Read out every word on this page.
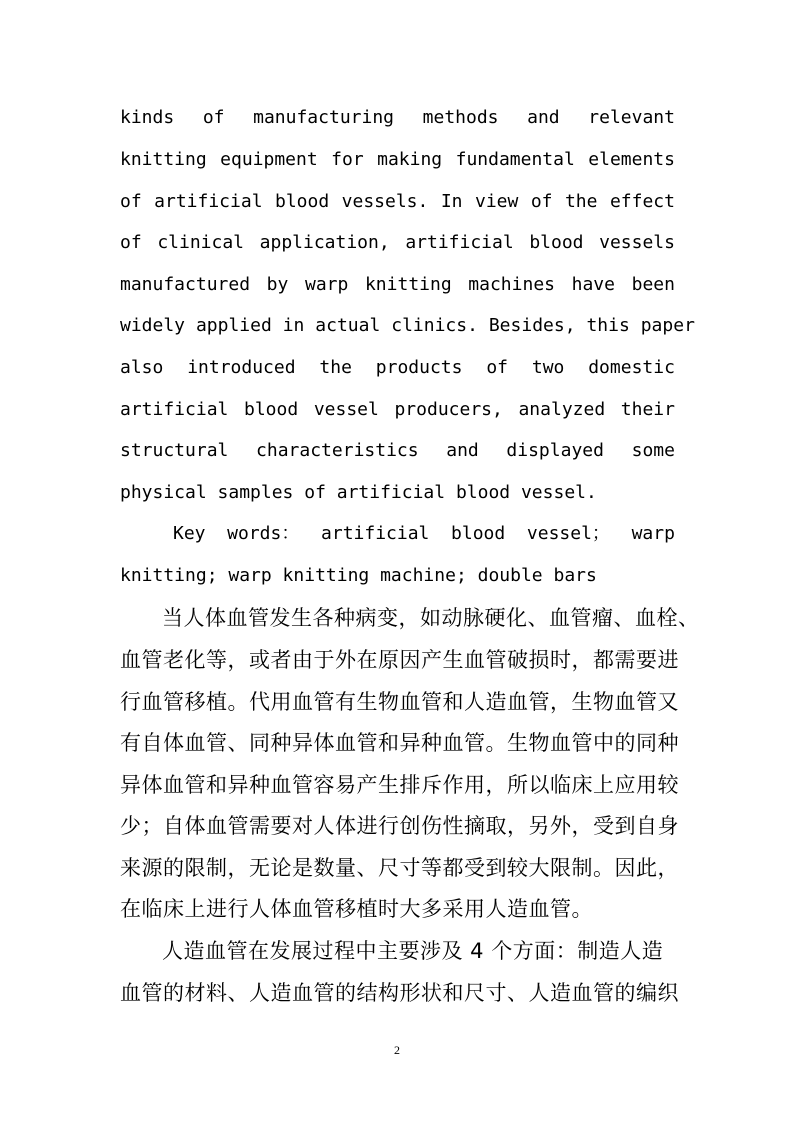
kinds of manufacturing methods and relevant
knitting equipment for making fundamental elements
of artificial blood vessels. In view of the effect
of clinical application, artificial blood vessels
manufactured by warp knitting machines have been
widely applied in actual clinics. Besides, this paper
also introduced the products of two domestic
artificial blood vessel producers, analyzed their
structural characteristics and displayed some
physical samples of artificial blood vessel.
Key words： artificial blood vessel； warp
knitting; warp knitting machine; double bars
当人体血管发生各种病变，如动脉硬化、血管瘤、血栓、
血管老化等，或者由于外在原因产生血管破损时，都需要进
行血管移植。代用血管有生物血管和人造血管，生物血管又
有自体血管、同种异体血管和异种血管。生物血管中的同种
异体血管和异种血管容易产生排斥作用，所以临床上应用较
少；自体血管需要对人体进行创伤性摘取，另外，受到自身
来源的限制，无论是数量、尺寸等都受到较大限制。因此，
在临床上进行人体血管移植时大多采用人造血管。
人造血管在发展过程中主要涉及 4 个方面：制造人造
血管的材料、人造血管的结构形状和尺寸、人造血管的编织
2
